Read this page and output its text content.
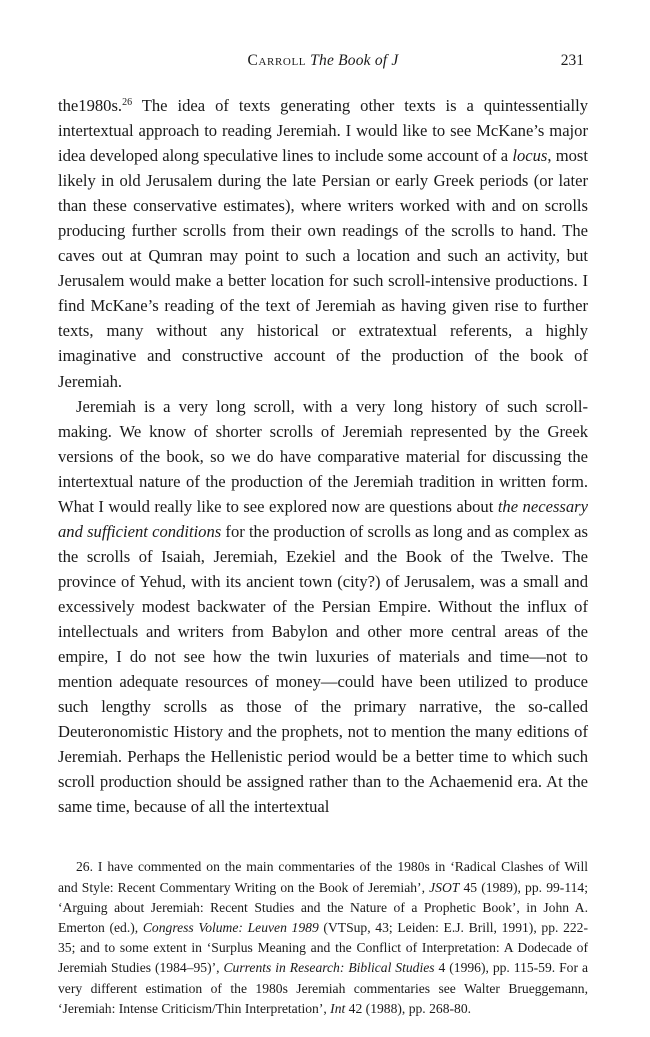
Carroll The Book of J	231

the1980s.$^{26}$ The idea of texts generating other texts is a quintessentially intertextual approach to reading Jeremiah. I would like to see McKane’s major idea developed along speculative lines to include some account of a locus, most likely in old Jerusalem during the late Persian or early Greek periods (or later than these conservative estimates), where writers worked with and on scrolls producing further scrolls from their own readings of the scrolls to hand. The caves out at Qumran may point to such a location and such an activity, but Jerusalem would make a better location for such scroll-intensive productions. I find McKane’s reading of the text of Jeremiah as having given rise to further texts, many without any historical or extratextual referents, a highly imaginative and constructive account of the production of the book of Jeremiah.

Jeremiah is a very long scroll, with a very long history of such scroll-making. We know of shorter scrolls of Jeremiah represented by the Greek versions of the book, so we do have comparative material for discussing the intertextual nature of the production of the Jeremiah tradition in written form. What I would really like to see explored now are questions about the necessary and sufficient conditions for the production of scrolls as long and as complex as the scrolls of Isaiah, Jeremiah, Ezekiel and the Book of the Twelve. The province of Yehud, with its ancient town (city?) of Jerusalem, was a small and excessively modest backwater of the Persian Empire. Without the influx of intellectuals and writers from Babylon and other more central areas of the empire, I do not see how the twin luxuries of materials and time—not to mention adequate resources of money—could have been utilized to produce such lengthy scrolls as those of the primary narrative, the so-called Deuteronomistic History and the prophets, not to mention the many editions of Jeremiah. Perhaps the Hellenistic period would be a better time to which such scroll production should be assigned rather than to the Achaemenid era. At the same time, because of all the intertextual

26. I have commented on the main commentaries of the 1980s in ‘Radical Clashes of Will and Style: Recent Commentary Writing on the Book of Jeremiah’, JSOT 45 (1989), pp. 99-114; ‘Arguing about Jeremiah: Recent Studies and the Nature of a Prophetic Book’, in John A. Emerton (ed.), Congress Volume: Leuven 1989 (VTSup, 43; Leiden: E.J. Brill, 1991), pp. 222-35; and to some extent in ‘Surplus Meaning and the Conflict of Interpretation: A Dodecade of Jeremiah Studies (1984–95)’, Currents in Research: Biblical Studies 4 (1996), pp. 115-59. For a very different estimation of the 1980s Jeremiah commentaries see Walter Brueggemann, ‘Jeremiah: Intense Criticism/Thin Interpretation’, Int 42 (1988), pp. 268-80.
